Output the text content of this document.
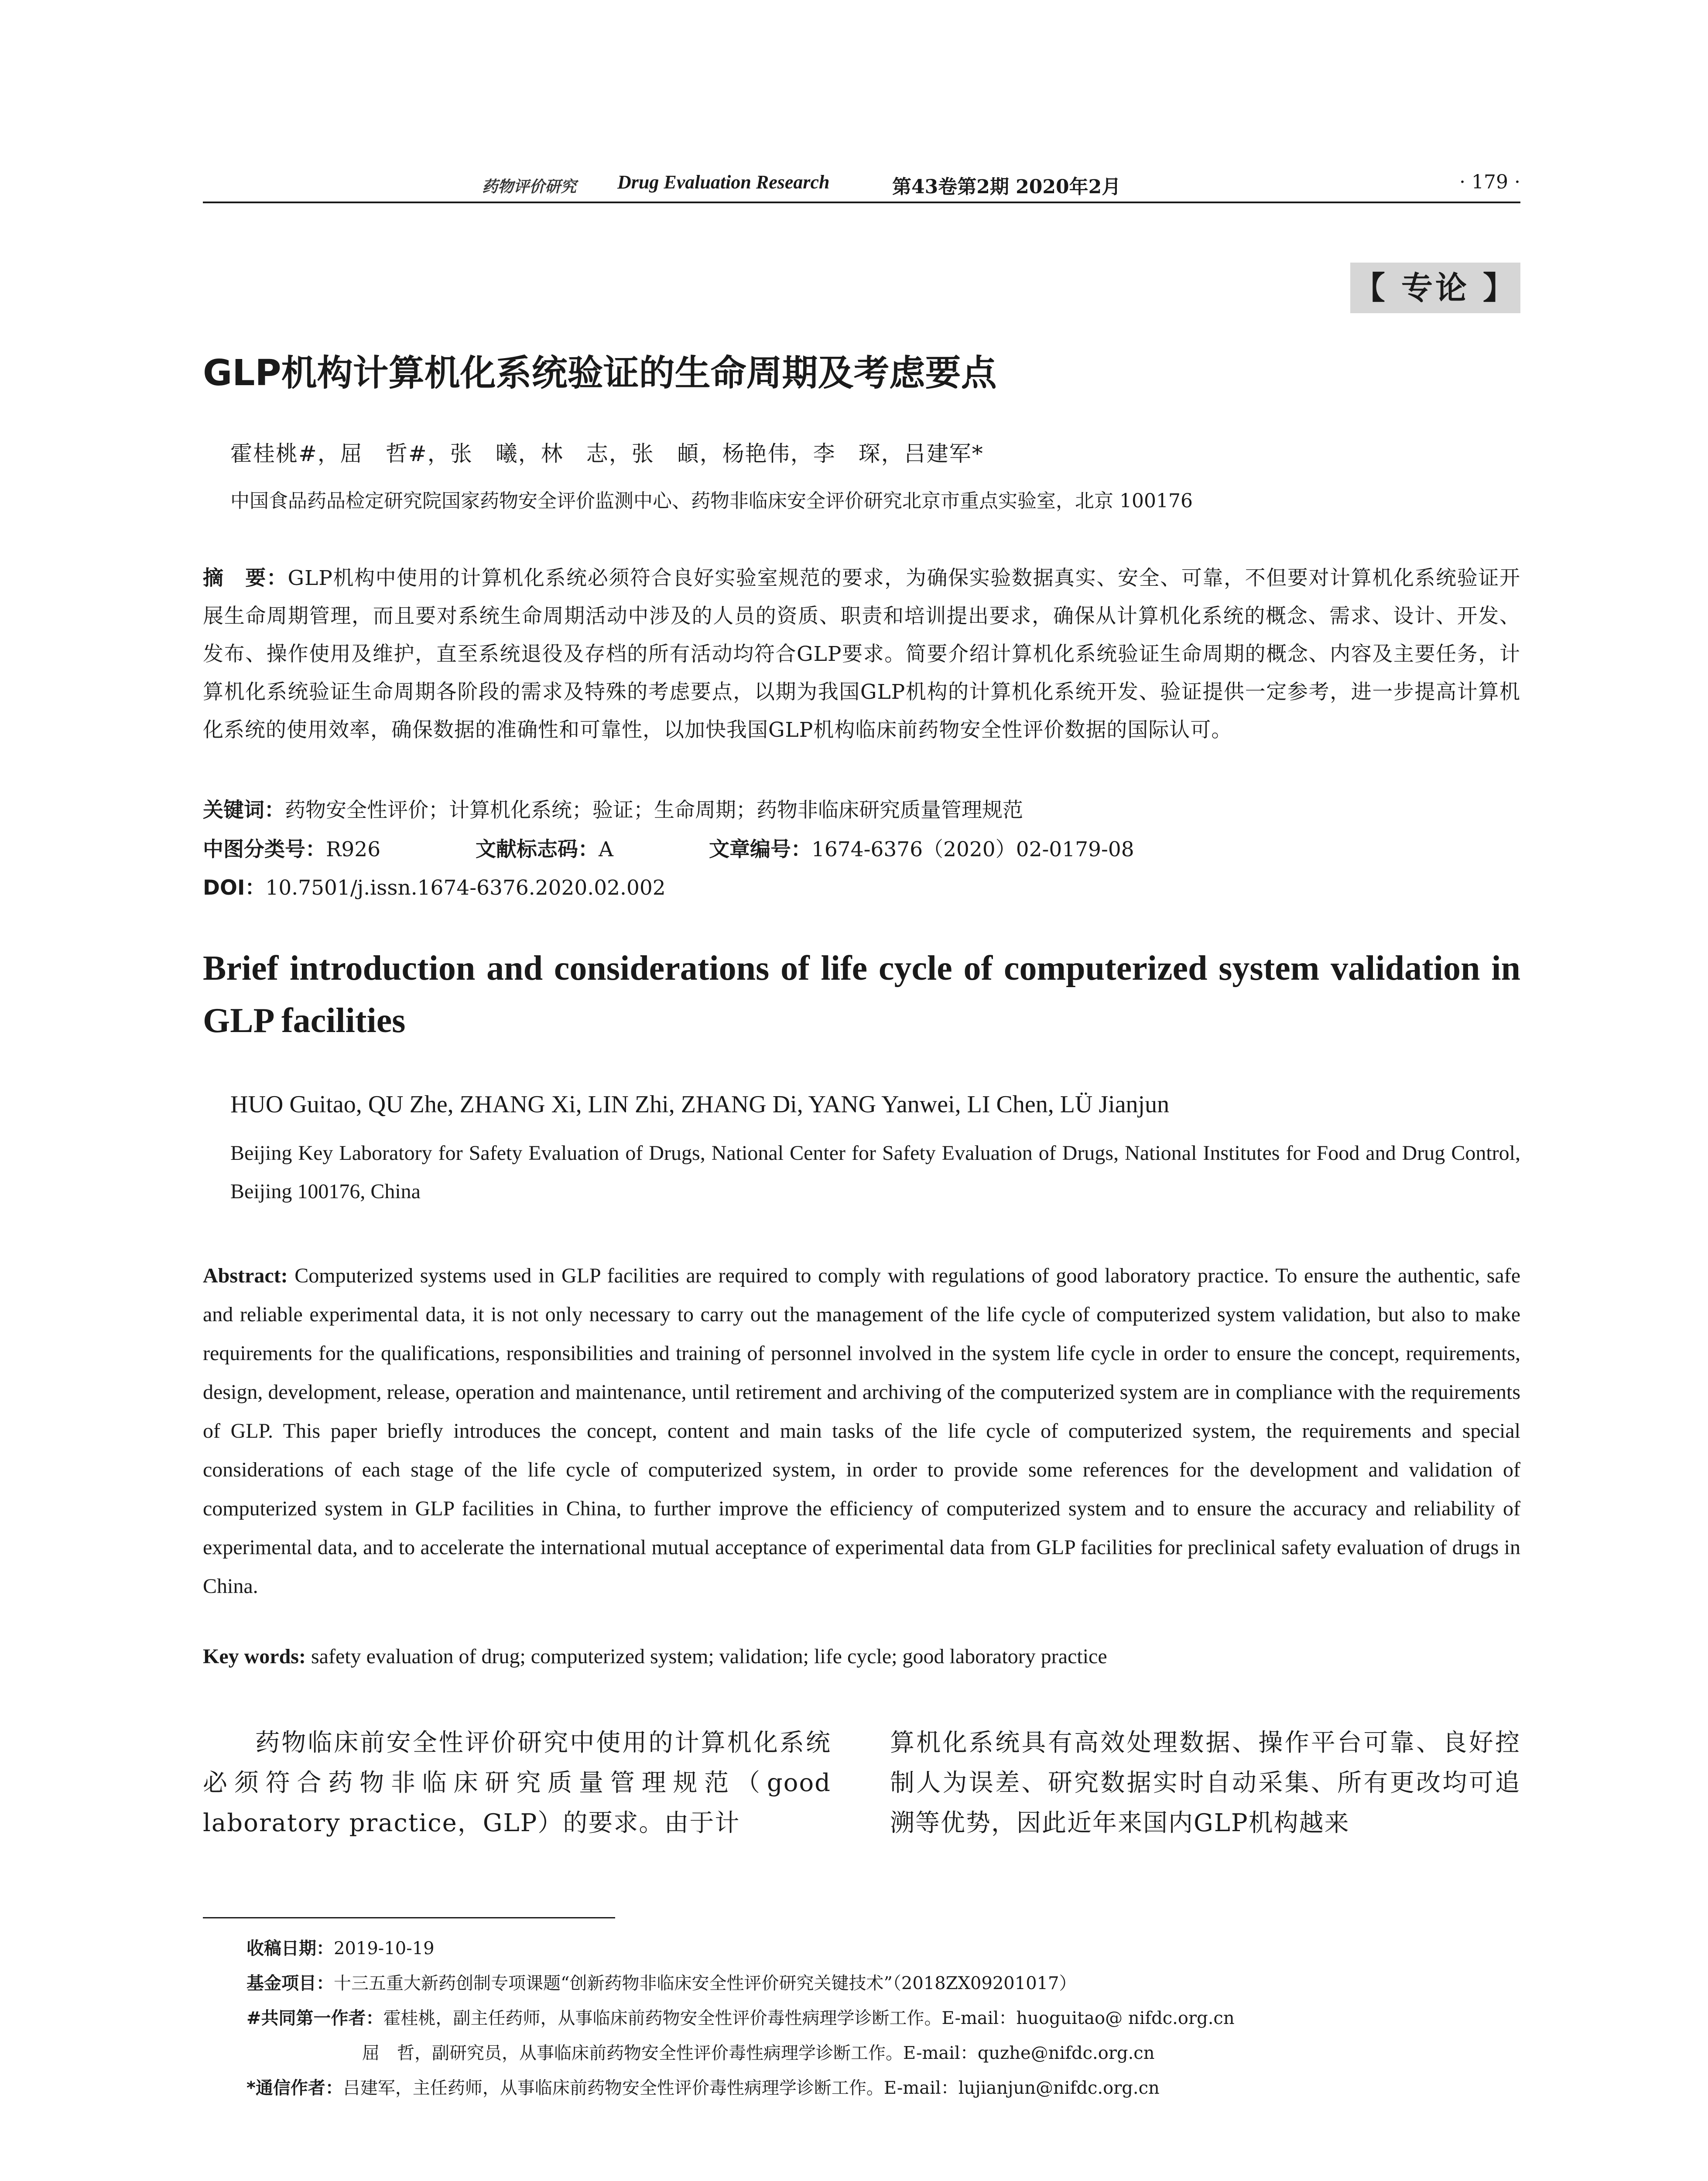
药物评价研究 Drug Evaluation Research	第43卷第2期 2020年2月	· 179 ·
【 专论 】
GLP机构计算机化系统验证的生命周期及考虑要点
霍桂桃#，屈　哲#，张　曦，林　志，张　頔，杨艳伟，李　琛，吕建军*
中国食品药品检定研究院国家药物安全评价监测中心、药物非临床安全评价研究北京市重点实验室，北京 100176
摘　要：GLP机构中使用的计算机化系统必须符合良好实验室规范的要求，为确保实验数据真实、安全、可靠，不但要对计算机化系统验证开展生命周期管理，而且要对系统生命周期活动中涉及的人员的资质、职责和培训提出要求，确保从计算机化系统的概念、需求、设计、开发、发布、操作使用及维护，直至系统退役及存档的所有活动均符合GLP要求。简要介绍计算机化系统验证生命周期的概念、内容及主要任务，计算机化系统验证生命周期各阶段的需求及特殊的考虑要点，以期为我国GLP机构的计算机化系统开发、验证提供一定参考，进一步提高计算机化系统的使用效率，确保数据的准确性和可靠性，以加快我国GLP机构临床前药物安全性评价数据的国际认可。
关键词：药物安全性评价；计算机化系统；验证；生命周期；药物非临床研究质量管理规范
中图分类号：R926	文献标志码：A	文章编号：1674-6376（2020）02-0179-08
DOI：10.7501/j.issn.1674-6376.2020.02.002
Brief introduction and considerations of life cycle of computerized system validation in GLP facilities
HUO Guitao, QU Zhe, ZHANG Xi, LIN Zhi, ZHANG Di, YANG Yanwei, LI Chen, LÜ Jianjun
Beijing Key Laboratory for Safety Evaluation of Drugs, National Center for Safety Evaluation of Drugs, National Institutes for Food and Drug Control, Beijing 100176, China
Abstract: Computerized systems used in GLP facilities are required to comply with regulations of good laboratory practice. To ensure the authentic, safe and reliable experimental data, it is not only necessary to carry out the management of the life cycle of computerized system validation, but also to make requirements for the qualifications, responsibilities and training of personnel involved in the system life cycle in order to ensure the concept, requirements, design, development, release, operation and maintenance, until retirement and archiving of the computerized system are in compliance with the requirements of GLP. This paper briefly introduces the concept, content and main tasks of the life cycle of computerized system, the requirements and special considerations of each stage of the life cycle of computerized system, in order to provide some references for the development and validation of computerized system in GLP facilities in China, to further improve the efficiency of computerized system and to ensure the accuracy and reliability of experimental data, and to accelerate the international mutual acceptance of experimental data from GLP facilities for preclinical safety evaluation of drugs in China.
Key words: safety evaluation of drug; computerized system; validation; life cycle; good laboratory practice
　　药物临床前安全性评价研究中使用的计算机化系统必须符合药物非临床研究质量管理规范（good laboratory practice，GLP）的要求。由于计
算机化系统具有高效处理数据、操作平台可靠、良好控制人为误差、研究数据实时自动采集、所有更改均可追溯等优势，因此近年来国内GLP机构越来
收稿日期：2019-10-19
基金项目：十三五重大新药创制专项课题“创新药物非临床安全性评价研究关键技术”（2018ZX09201017）
#共同第一作者：霍桂桃，副主任药师，从事临床前药物安全性评价毒性病理学诊断工作。E-mail：huoguitao@ nifdc.org.cn
屈　哲，副研究员，从事临床前药物安全性评价毒性病理学诊断工作。E-mail：quzhe@nifdc.org.cn
*通信作者：吕建军，主任药师，从事临床前药物安全性评价毒性病理学诊断工作。E-mail：lujianjun@nifdc.org.cn
